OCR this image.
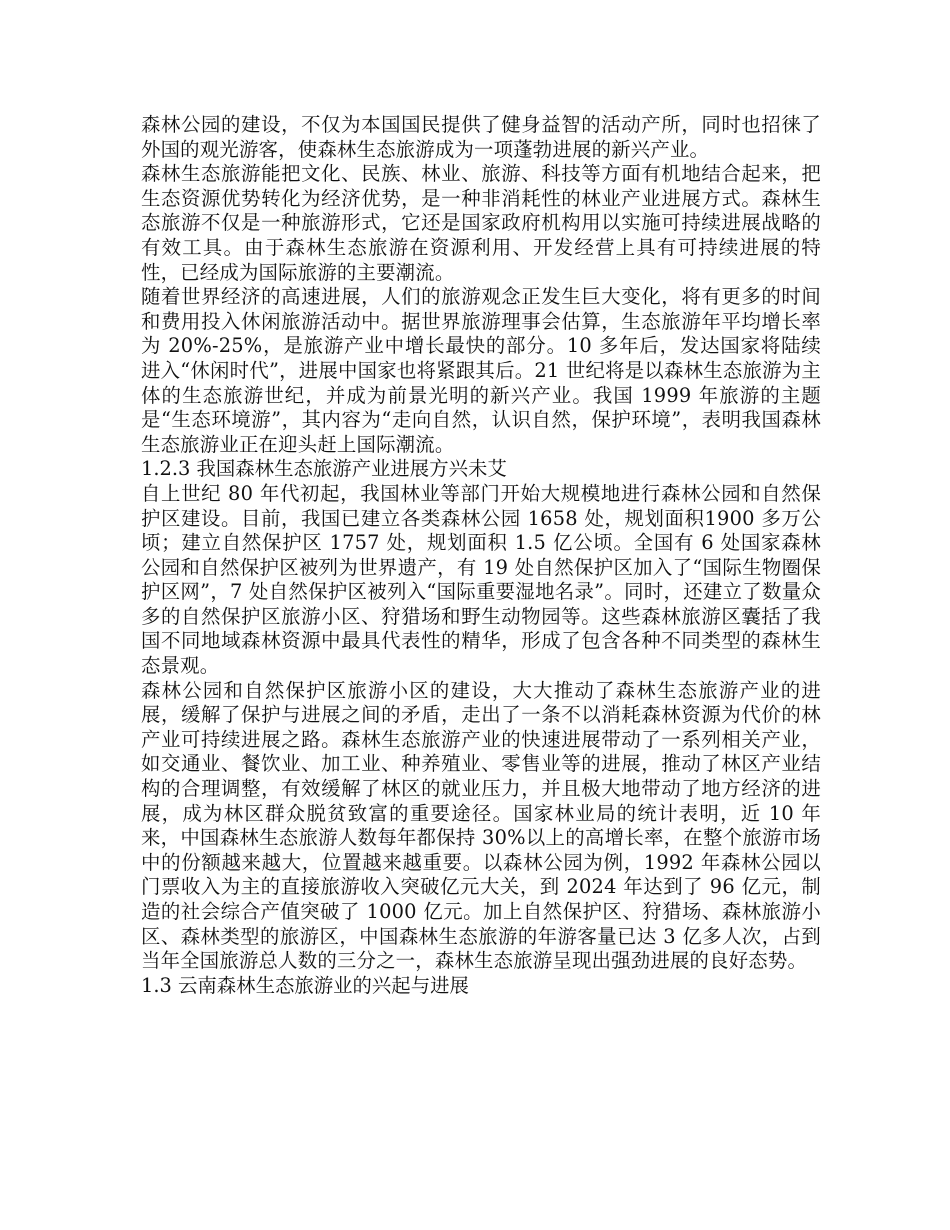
森林公园的建设，不仅为本国国民提供了健身益智的活动产所，同时也招徕了外国的观光游客，使森林生态旅游成为一项蓬勃进展的新兴产业。

森林生态旅游能把文化、民族、林业、旅游、科技等方面有机地结合起来，把生态资源优势转化为经济优势，是一种非消耗性的林业产业进展方式。森林生态旅游不仅是一种旅游形式，它还是国家政府机构用以实施可持续进展战略的有效工具。由于森林生态旅游在资源利用、开发经营上具有可持续进展的特性，已经成为国际旅游的主要潮流。

随着世界经济的高速进展，人们的旅游观念正发生巨大变化，将有更多的时间和费用投入休闲旅游活动中。据世界旅游理事会估算，生态旅游年平均增长率为 20%-25%，是旅游产业中增长最快的部分。10 多年后，发达国家将陆续进入“休闲时代”，进展中国家也将紧跟其后。21 世纪将是以森林生态旅游为主体的生态旅游世纪，并成为前景光明的新兴产业。我国 1999 年旅游的主题是“生态环境游”，其内容为“走向自然，认识自然，保护环境”，表明我国森林生态旅游业正在迎头赶上国际潮流。

1.2.3 我国森林生态旅游产业进展方兴未艾

自上世纪 80 年代初起，我国林业等部门开始大规模地进行森林公园和自然保护区建设。目前，我国已建立各类森林公园 1658 处，规划面积1900 多万公顷；建立自然保护区 1757 处，规划面积 1.5 亿公顷。全国有 6 处国家森林公园和自然保护区被列为世界遗产，有 19 处自然保护区加入了“国际生物圈保护区网”，7 处自然保护区被列入“国际重要湿地名录”。同时，还建立了数量众多的自然保护区旅游小区、狩猎场和野生动物园等。这些森林旅游区囊括了我国不同地域森林资源中最具代表性的精华，形成了包含各种不同类型的森林生态景观。

森林公园和自然保护区旅游小区的建设，大大推动了森林生态旅游产业的进展，缓解了保护与进展之间的矛盾，走出了一条不以消耗森林资源为代价的林产业可持续进展之路。森林生态旅游产业的快速进展带动了一系列相关产业，如交通业、餐饮业、加工业、种养殖业、零售业等的进展，推动了林区产业结构的合理调整，有效缓解了林区的就业压力，并且极大地带动了地方经济的进展，成为林区群众脱贫致富的重要途径。国家林业局的统计表明，近 10 年来，中国森林生态旅游人数每年都保持 30%以上的高增长率，在整个旅游市场中的份额越来越大，位置越来越重要。以森林公园为例，1992 年森林公园以门票收入为主的直接旅游收入突破亿元大关，到 2024 年达到了 96 亿元，制造的社会综合产值突破了 1000 亿元。加上自然保护区、狩猎场、森林旅游小区、森林类型的旅游区，中国森林生态旅游的年游客量已达 3 亿多人次，占到当年全国旅游总人数的三分之一，森林生态旅游呈现出强劲进展的良好态势。

1.3 云南森林生态旅游业的兴起与进展
